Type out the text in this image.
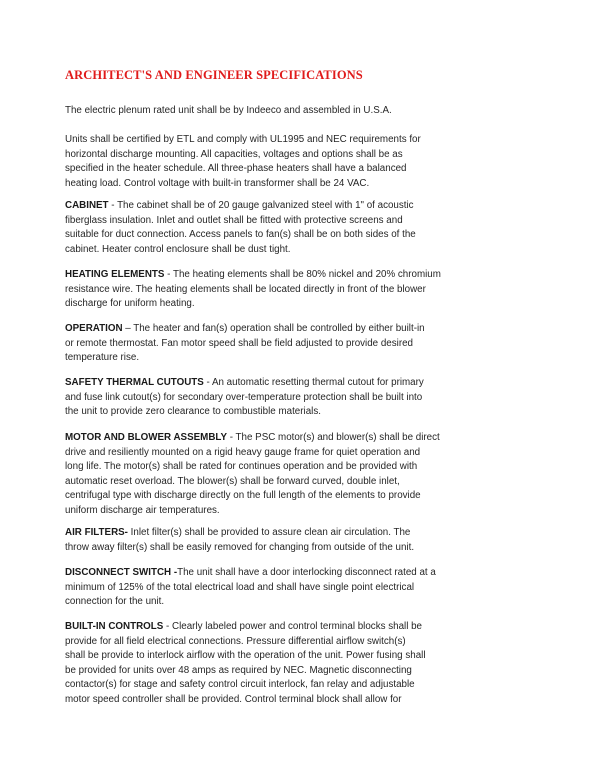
ARCHITECT'S AND ENGINEER SPECIFICATIONS

The electric plenum rated unit shall be by Indeeco and assembled in U.S.A.

Units shall be certified by ETL and comply with UL1995 and NEC requirements for
horizontal discharge mounting. All capacities, voltages and options shall be as
specified in the heater schedule. All three-phase heaters shall have a balanced
heating load. Control voltage with built-in transformer shall be 24 VAC.

CABINET - The cabinet shall be of 20 gauge galvanized steel with 1" of acoustic
fiberglass insulation. Inlet and outlet shall be fitted with protective screens and
suitable for duct connection. Access panels to fan(s) shall be on both sides of the
cabinet. Heater control enclosure shall be dust tight.

HEATING ELEMENTS - The heating elements shall be 80% nickel and 20% chromium
resistance wire. The heating elements shall be located directly in front of the blower
discharge for uniform heating.

OPERATION – The heater and fan(s) operation shall be controlled by either built-in
or remote thermostat. Fan motor speed shall be field adjusted to provide desired
temperature rise.

SAFETY THERMAL CUTOUTS - An automatic resetting thermal cutout for primary
and fuse link cutout(s) for secondary over-temperature protection shall be built into
the unit to provide zero clearance to combustible materials.

MOTOR AND BLOWER ASSEMBLY - The PSC motor(s) and blower(s) shall be direct
drive and resiliently mounted on a rigid heavy gauge frame for quiet operation and
long life. The motor(s) shall be rated for continues operation and be provided with
automatic reset overload. The blower(s) shall be forward curved, double inlet,
centrifugal type with discharge directly on the full length of the elements to provide
uniform discharge air temperatures.

AIR FILTERS- Inlet filter(s) shall be provided to assure clean air circulation. The
throw away filter(s) shall be easily removed for changing from outside of the unit.

DISCONNECT SWITCH -The unit shall have a door interlocking disconnect rated at a
minimum of 125% of the total electrical load and shall have single point electrical
connection for the unit.

BUILT-IN CONTROLS - Clearly labeled power and control terminal blocks shall be
provide for all field electrical connections. Pressure differential airflow switch(s)
shall be provide to interlock airflow with the operation of the unit. Power fusing shall
be provided for units over 48 amps as required by NEC. Magnetic disconnecting
contactor(s) for stage and safety control circuit interlock, fan relay and adjustable
motor speed controller shall be provided. Control terminal block shall allow for
